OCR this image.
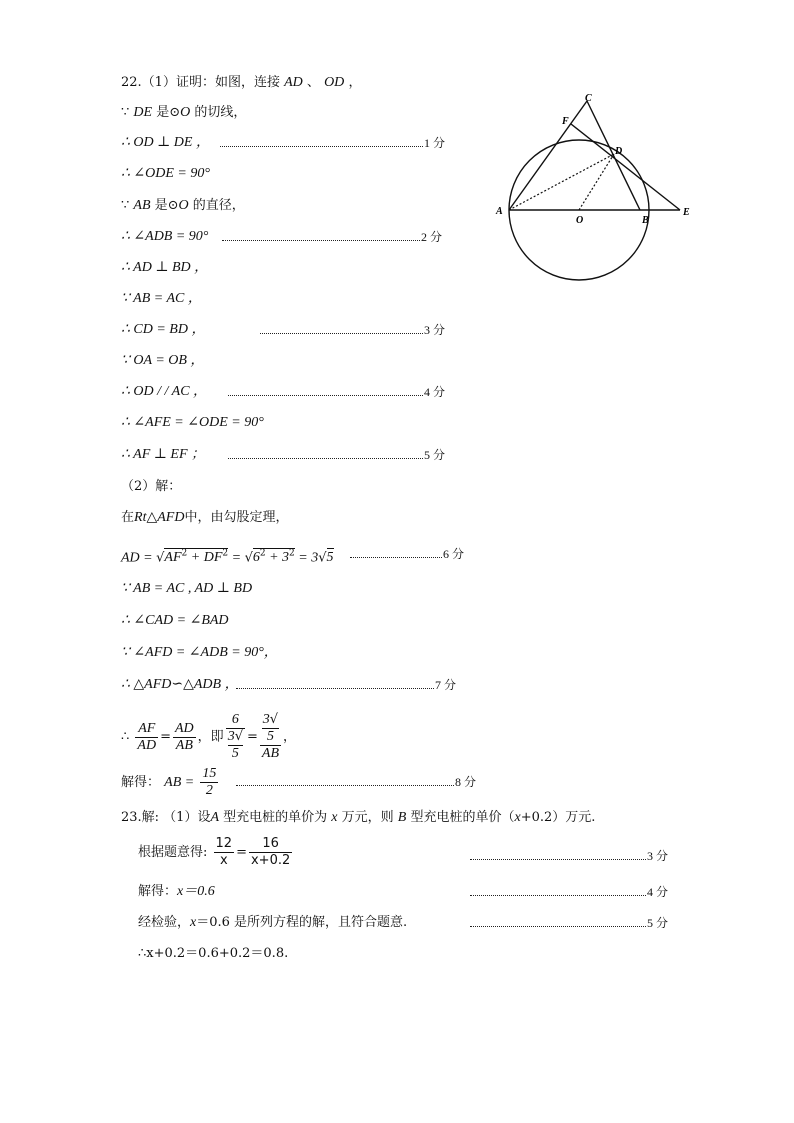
22.（1）证明：如图，连接 AD 、 OD ，
∵ DE 是⊙O 的切线，
∴ OD ⊥ DE ，	1 分
∴ ∠ODE = 90°
∵ AB 是⊙O 的直径，
∴ ∠ADB = 90°	2 分
∴ AD ⊥ BD ，
∵ AB = AC ，
∴ CD = BD ，	3 分
∵ OA = OB ，
∴ OD / / AC ，	4 分
∴ ∠AFE = ∠ODE = 90°
∴ AF ⊥ EF ；	5 分
（2）解：
在Rt△AFD中，由勾股定理，
AD = $√AF^2 + DF^2 = √6^2 + 3^2 = 3√5$	6 分
∵ AB = AC , AD ⊥ BD
∴ ∠CAD = ∠BAD
∵ ∠AFD = ∠ADB = 90°，
∴ △AFD∽△ADB ，	7 分
∴ $\frac{AF}{AD} = \frac{AD}{AB}$ ，即 6
3√
5 = 3√
5
AB ，
解得： AB = $\frac{15}{2}$	8 分
A
O	B
E
C
F
D
23.解: （1）设A 型充电桩的单价为 x 万元，则 B 型充电桩的单价（x+0.2）万元.
根据题意得: $\frac{12}{x} = \frac{16}{x+0.2}$	3 分
解得：x＝0.6	4 分
经检验，x＝0.6 是所列方程的解，且符合题意.	5 分
∴x+0.2＝0.6+0.2＝0.8.
